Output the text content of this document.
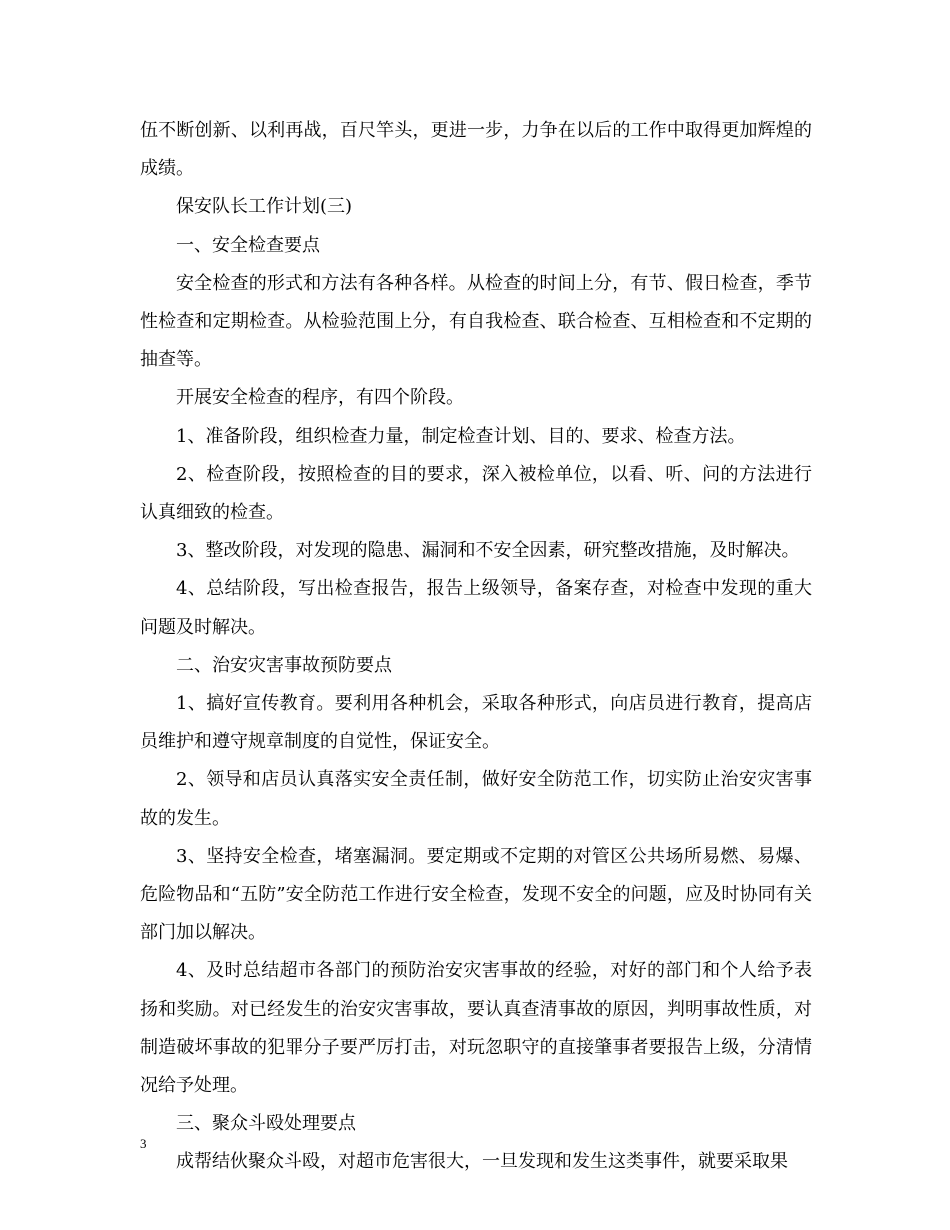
伍不断创新、以利再战，百尺竿头，更进一步，力争在以后的工作中取得更加辉煌的成绩。

保安队长工作计划(三)

一、安全检查要点

安全检查的形式和方法有各种各样。从检查的时间上分，有节、假日检查，季节性检查和定期检查。从检验范围上分，有自我检查、联合检查、互相检查和不定期的抽查等。

开展安全检查的程序，有四个阶段。

1、准备阶段，组织检查力量，制定检查计划、目的、要求、检查方法。

2、检查阶段，按照检查的目的要求，深入被检单位，以看、听、问的方法进行认真细致的检查。

3、整改阶段，对发现的隐患、漏洞和不安全因素，研究整改措施，及时解决。

4、总结阶段，写出检查报告，报告上级领导，备案存查，对检查中发现的重大问题及时解决。

二、治安灾害事故预防要点

1、搞好宣传教育。要利用各种机会，采取各种形式，向店员进行教育，提高店员维护和遵守规章制度的自觉性，保证安全。

2、领导和店员认真落实安全责任制，做好安全防范工作，切实防止治安灾害事故的发生。

3、坚持安全检查，堵塞漏洞。要定期或不定期的对管区公共场所易燃、易爆、危险物品和“五防”安全防范工作进行安全检查，发现不安全的问题，应及时协同有关部门加以解决。

4、及时总结超市各部门的预防治安灾害事故的经验，对好的部门和个人给予表扬和奖励。对已经发生的治安灾害事故，要认真查清事故的原因，判明事故性质，对制造破坏事故的犯罪分子要严厉打击，对玩忽职守的直接肇事者要报告上级，分清情况给予处理。

三、聚众斗殴处理要点

成帮结伙聚众斗殴，对超市危害很大，一旦发现和发生这类事件，就要采取果

3
